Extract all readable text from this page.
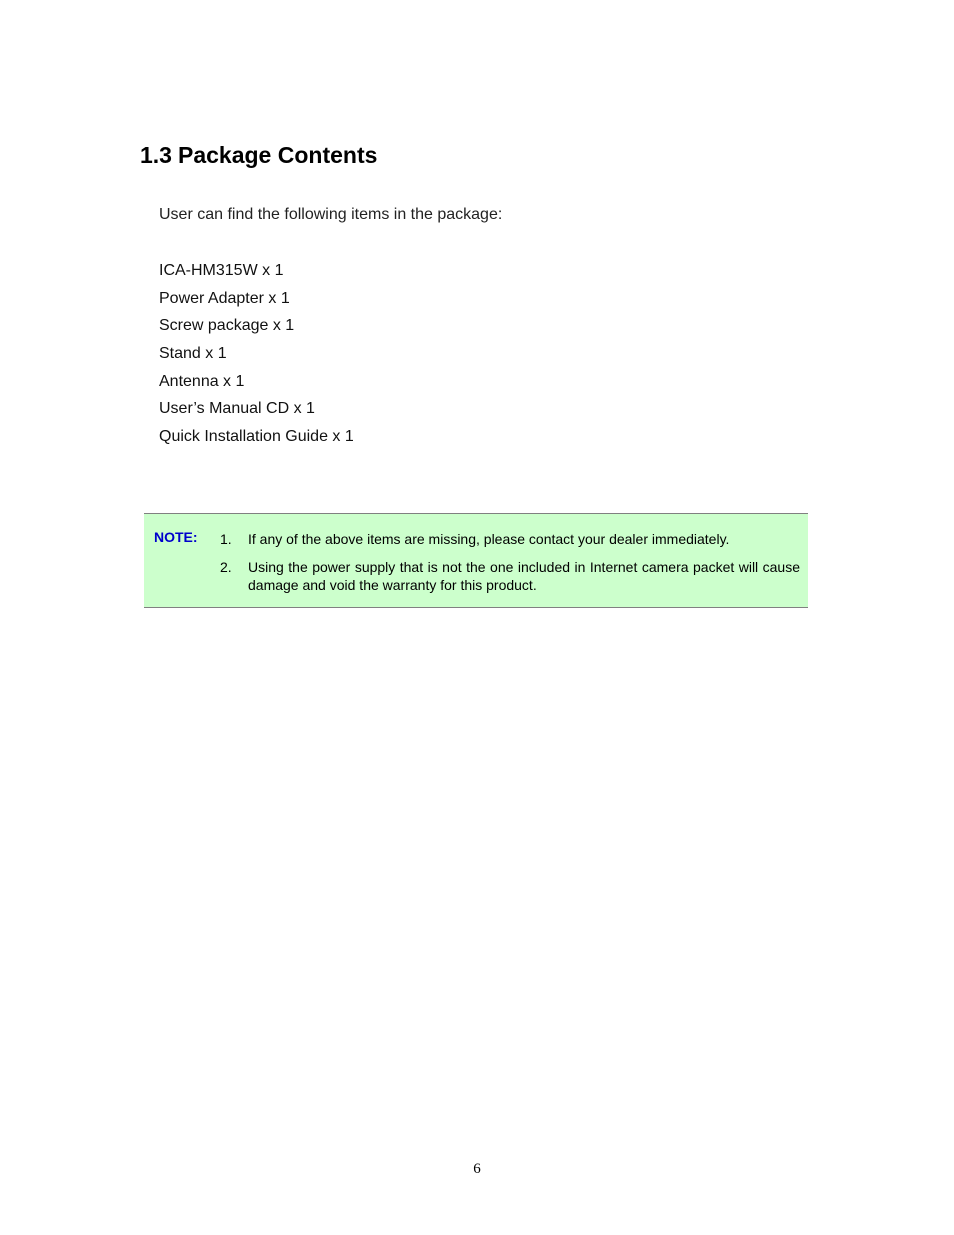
1.3 Package Contents

User can find the following items in the package:

ICA-HM315W x 1
Power Adapter x 1
Screw package x 1
Stand x 1
Antenna x 1
User’s Manual CD x 1
Quick Installation Guide x 1
NOTE: 1. If any of the above items are missing, please contact your dealer immediately.
2. Using the power supply that is not the one included in Internet camera packet will cause damage and void the warranty for this product.
6
